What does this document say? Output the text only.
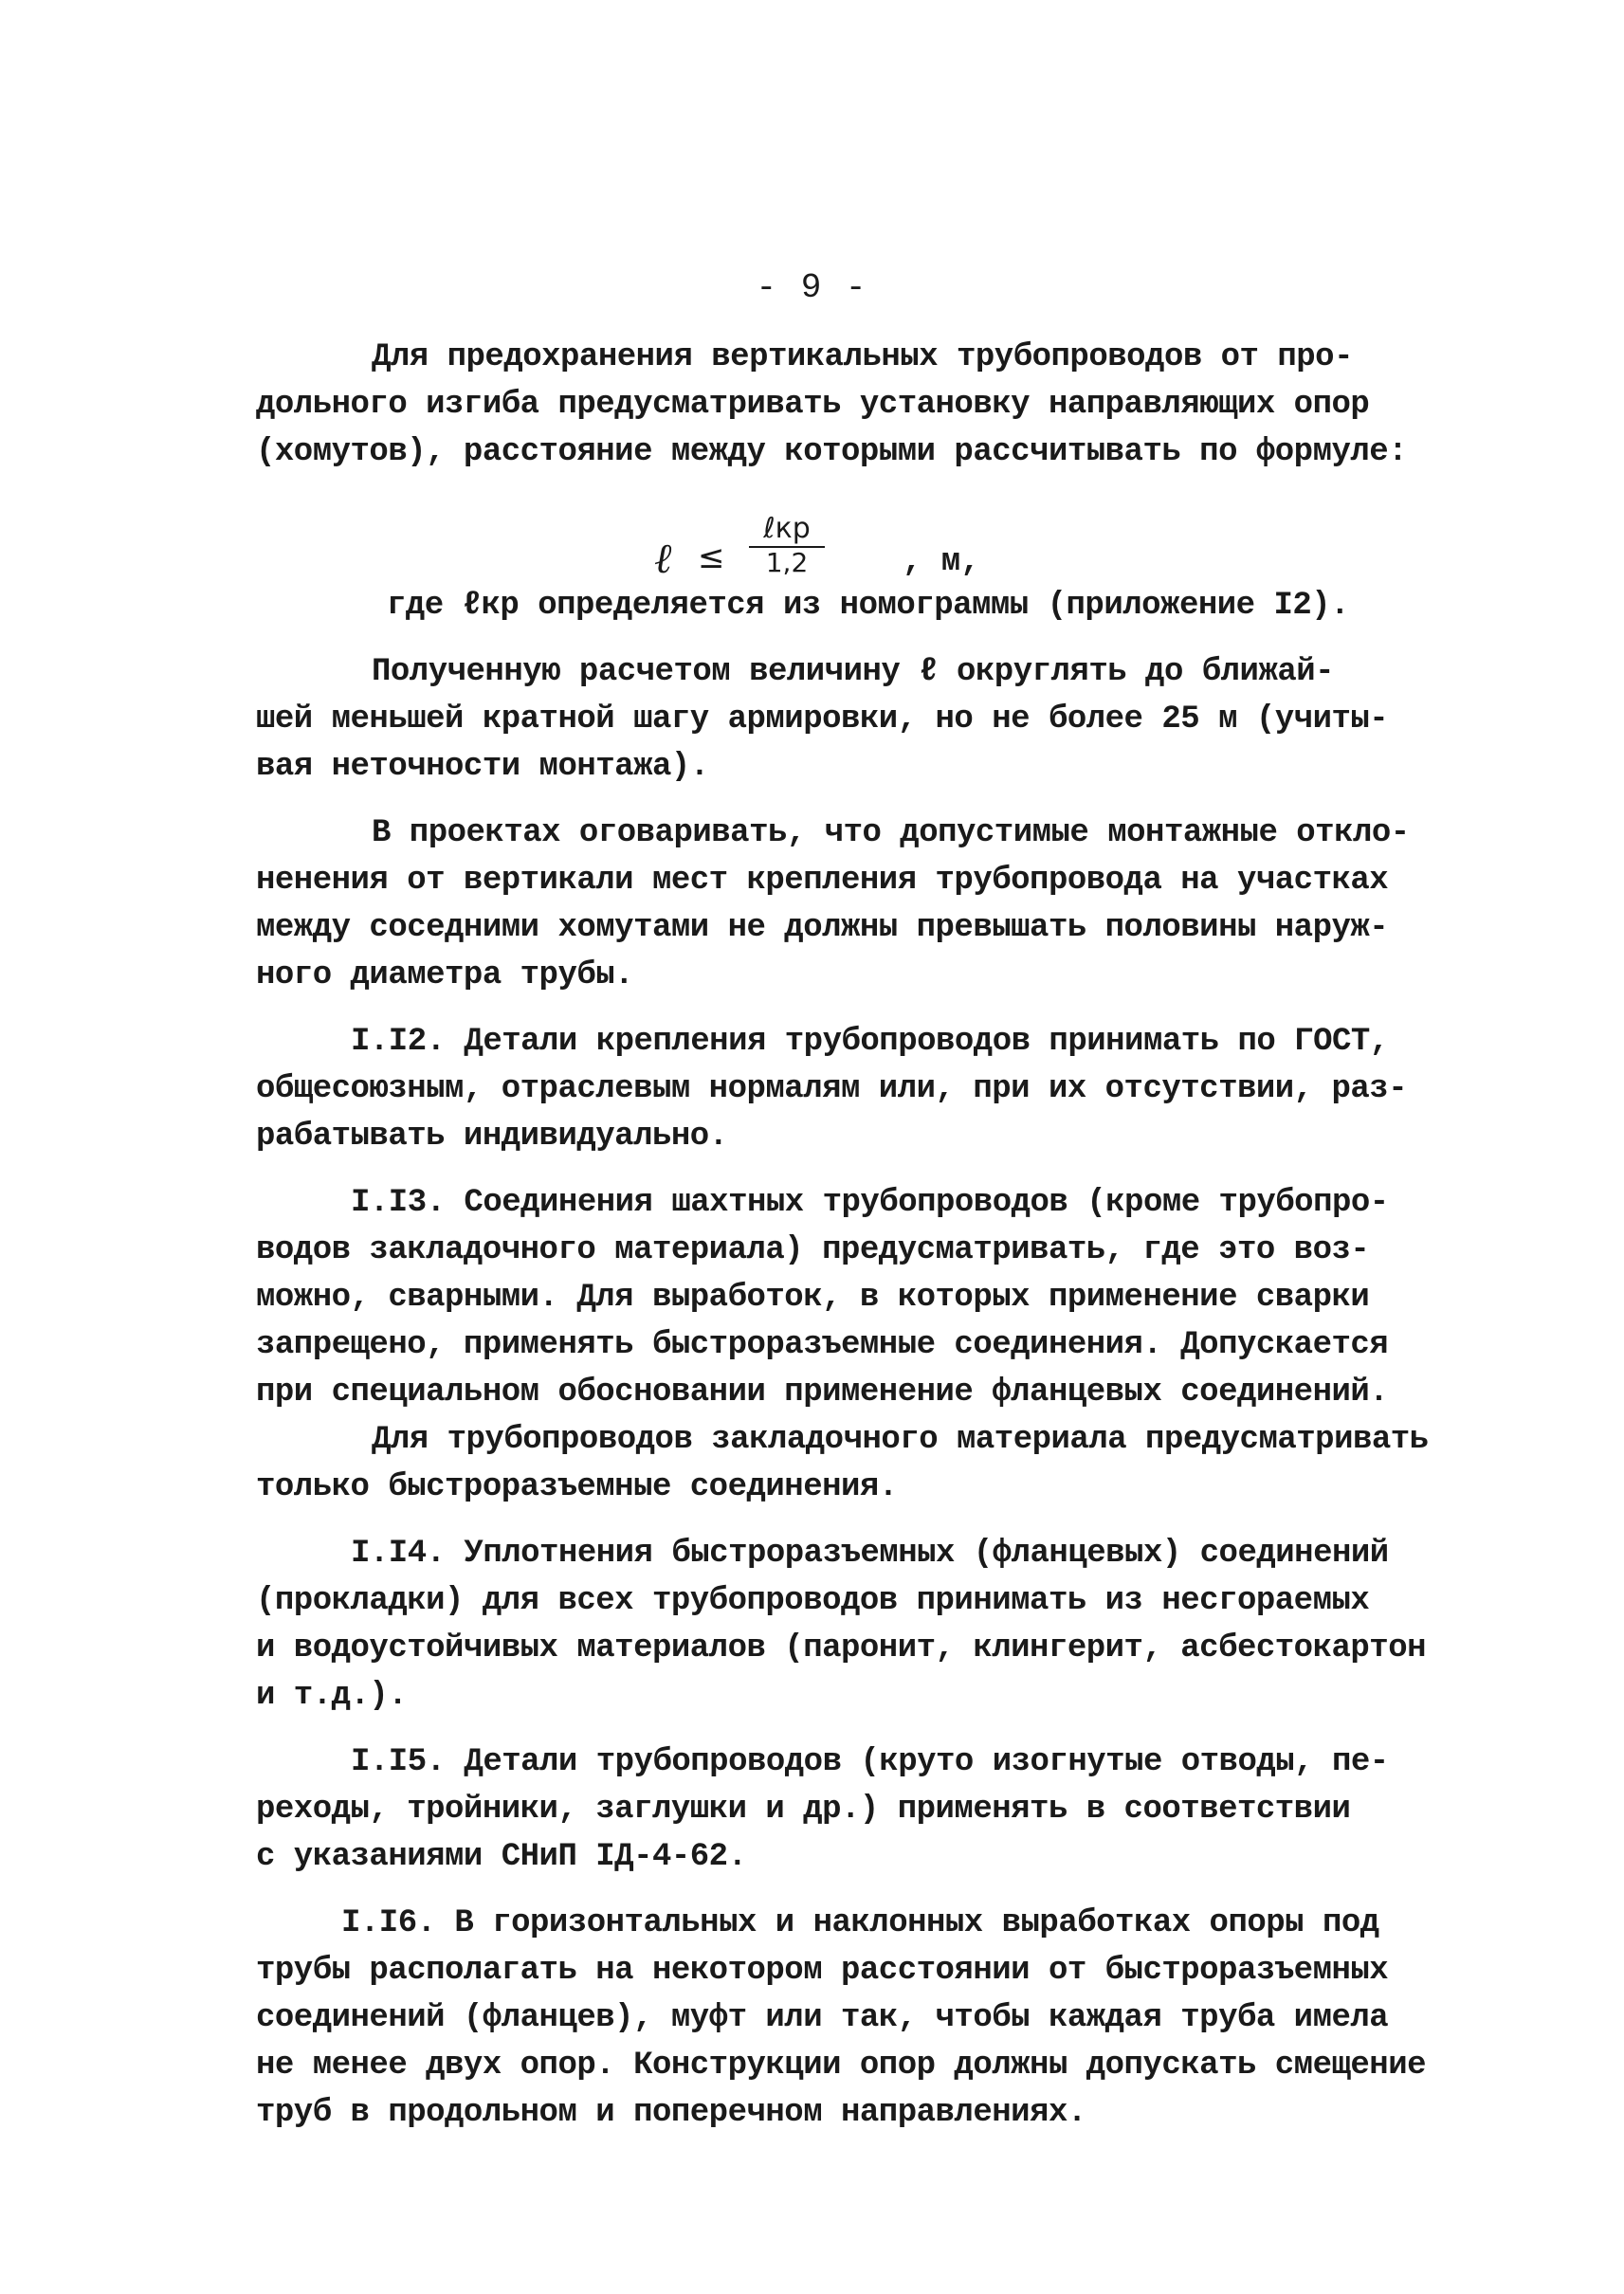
- 9 -
Для предохранения вертикальных трубопроводов от про-
дольного изгиба предусматривать установку направляющих опор
(хомутов), расстояние между которыми рассчитывать по формуле:
ℓ ≤
ℓкр
1,2	, м,
где ℓкр определяется из номограммы (приложение I2).
Полученную расчетом величину ℓ округлять до ближай-
шей меньшей кратной шагу армировки, но не более 25 м (учиты-
вая неточности монтажа).
В проектах оговаривать, что допустимые монтажные откло-
ненения от вертикали мест крепления трубопровода на участках
между соседними хомутами не должны превышать половины наруж-
ного диаметра трубы.
I.I2. Детали крепления трубопроводов принимать по ГОСТ,
общесоюзным, отраслевым нормалям или, при их отсутствии, раз-
рабатывать индивидуально.
I.I3. Соединения шахтных трубопроводов (кроме трубопро-
водов закладочного материала) предусматривать, где это воз-
можно, сварными. Для выработок, в которых применение сварки
запрещено, применять быстроразъемные соединения. Допускается
при специальном обосновании применение фланцевых соединений.
Для трубопроводов закладочного материала предусматривать
только быстроразъемные соединения.
I.I4. Уплотнения быстроразъемных (фланцевых) соединений
(прокладки) для всех трубопроводов принимать из несгораемых
и водоустойчивых материалов (паронит, клингерит, асбестокартон
и т.д.).
I.I5. Детали трубопроводов (круто изогнутые отводы, пе-
реходы, тройники, заглушки и др.) применять в соответствии
с указаниями СНиП IД-4-62.
I.I6. В горизонтальных и наклонных выработках опоры под
трубы располагать на некотором расстоянии от быстроразъемных
соединений (фланцев), муфт или так, чтобы каждая труба имела
не менее двух опор. Конструкции опор должны допускать смещение
труб в продольном и поперечном направлениях.
